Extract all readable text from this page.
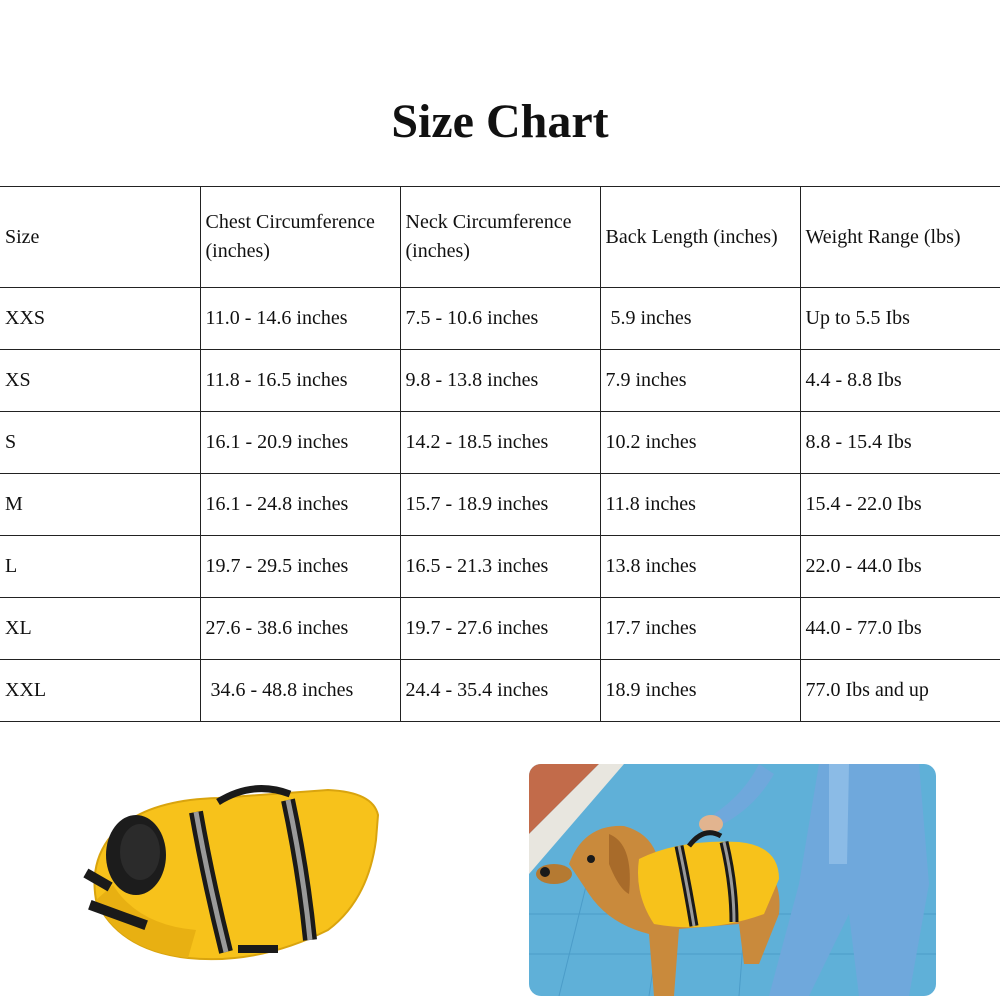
Size Chart
Size	Chest Circumference (inches)	Neck Circumference (inches)	Back Length (inches)	Weight Range (lbs)
XXS	11.0 - 14.6 inches	7.5 - 10.6 inches	5.9 inches	Up to 5.5 Ibs
XS	11.8 - 16.5 inches	9.8 - 13.8 inches	7.9 inches	4.4 - 8.8 Ibs
S	16.1 - 20.9 inches	14.2 - 18.5 inches	10.2 inches	8.8 - 15.4 Ibs
M	16.1 - 24.8 inches	15.7 - 18.9 inches	11.8 inches	15.4 - 22.0 Ibs
L	19.7 - 29.5 inches	16.5 - 21.3 inches	13.8 inches	22.0 - 44.0 Ibs
XL	27.6 - 38.6 inches	19.7 - 27.6 inches	17.7 inches	44.0 - 77.0 Ibs
XXL	34.6 - 48.8 inches	24.4 - 35.4 inches	18.9 inches	77.0 Ibs and up
